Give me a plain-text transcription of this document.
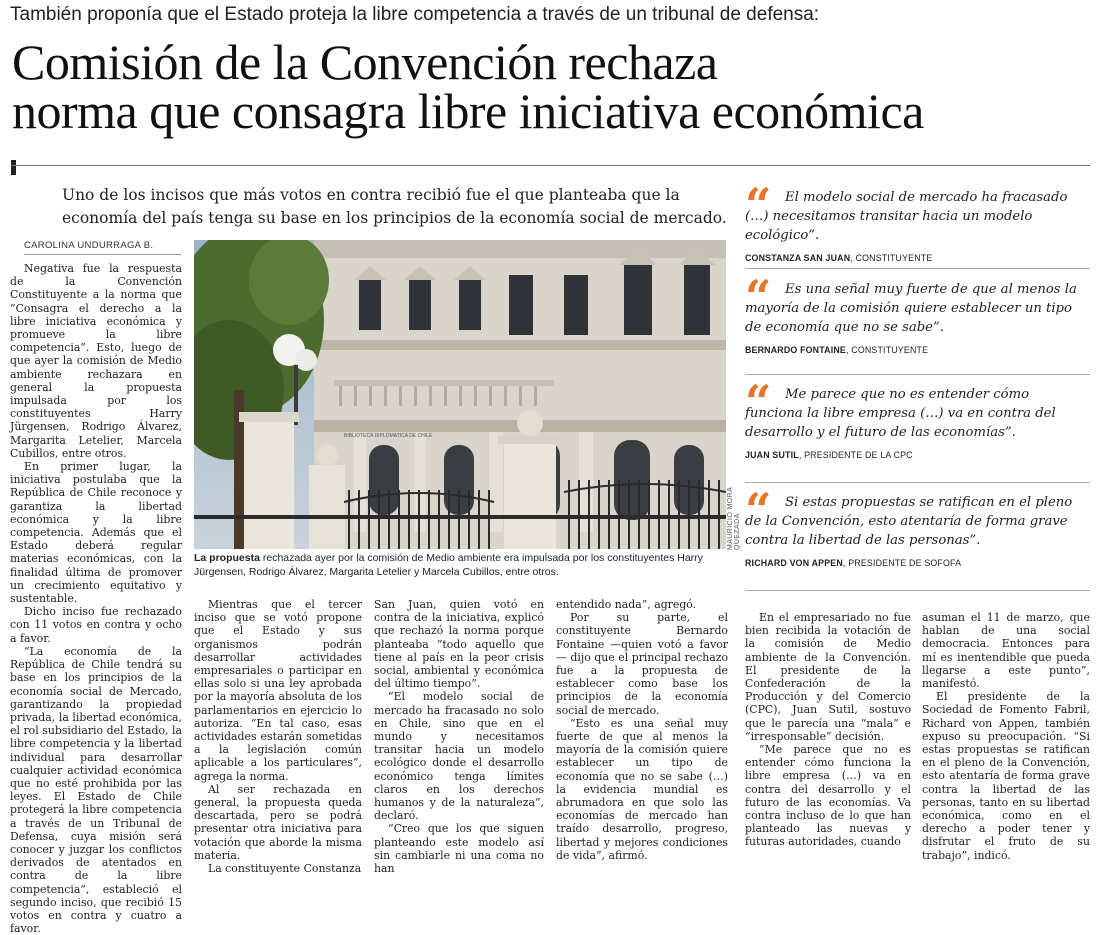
También proponía que el Estado proteja la libre competencia a través de un tribunal de defensa:
Comisión de la Convención rechaza
norma que consagra libre iniciativa económica
Uno de los incisos que más votos en contra recibió fue el que planteaba que la economía del país tenga su base en los principios de la economía social de mercado.
CAROLINA UNDURRAGA B.

Negativa fue la respuesta de la Convención Constituyente a la norma que “Consagra el derecho a la libre iniciativa económica y promueve la libre competencia”. Esto, luego de que ayer la comisión de Medio ambiente rechazara en general la propuesta impulsada por los constituyentes Harry Jürgensen, Rodrigo Álvarez, Margarita Letelier, Marcela Cubillos, entre otros.

En primer lugar, la iniciativa postulaba que la República de Chile reconoce y garantiza la libertad económica y la libre competencia. Además que el Estado deberá regular materias económicas, con la finalidad última de promover un crecimiento equitativo y sustentable.

Dicho inciso fue rechazado con 11 votos en contra y ocho a favor.

“La economía de la República de Chile tendrá su base en los principios de la economía social de Mercado, garantizando la propiedad privada, la libertad económica, el rol subsidiario del Estado, la libre competencia y la libertad individual para desarrollar cualquier actividad económica que no esté prohibida por las leyes. El Estado de Chile protegerá la libre competencia a través de un Tribunal de Defensa, cuya misión será conocer y juzgar los conflictos derivados de atentados en contra de la libre competencia”, estableció el segundo inciso, que recibió 15 votos en contra y cuatro a favor.

BIBLIOTECA DIPLOMATICA DE CHILE
MAURICIO MORA QUEZADA
La propuesta rechazada ayer por la comisión de Medio ambiente era impulsada por los constituyentes Harry Jürgensen, Rodrigo Álvarez, Margarita Letelier y Marcela Cubillos, entre otros.

Mientras que el tercer inciso que se votó propone que el Estado y sus organismos podrán desarrollar actividades empresariales o participar en ellas solo si una ley aprobada por la mayoría absoluta de los parlamentarios en ejercicio lo autoriza. “En tal caso, esas actividades estarán sometidas a la legislación común aplicable a los particulares”, agrega la norma.

Al ser rechazada en general, la propuesta queda descartada, pero se podrá presentar otra iniciativa para votación que aborde la misma materia.

La constituyente Constanza

San Juan, quien votó en contra de la iniciativa, explicó que rechazó la norma porque planteaba “todo aquello que tiene al país en la peor crisis social, ambiental y económica del último tiempo”.

“El modelo social de mercado ha fracasado no solo en Chile, sino que en el mundo y necesitamos transitar hacia un modelo ecológico donde el desarrollo económico tenga límites claros en los derechos humanos y de la naturaleza”, declaró.

“Creo que los que siguen planteando este modelo así sin cambiarle ni una coma no han

entendido nada”, agregó.

Por su parte, el constituyente Bernardo Fontaine —quien votó a favor— dijo que el principal rechazo fue a la propuesta de establecer como base los principios de la economía social de mercado.

“Esto es una señal muy fuerte de que al menos la mayoría de la comisión quiere establecer un tipo de economía que no se sabe (…) la evidencia mundial es abrumadora en que solo las economías de mercado han traído desarrollo, progreso, libertad y mejores condiciones de vida”, afirmó.

En el empresariado no fue bien recibida la votación de la comisión de Medio ambiente de la Convención. El presidente de la Confederación de la Producción y del Comercio (CPC), Juan Sutil, sostuvo que le parecía una “mala” e “irresponsable” decisión.

“Me parece que no es entender cómo funciona la libre empresa (…) va en contra del desarrollo y el futuro de las economías. Va contra incluso de lo que han planteado las nuevas y futuras autoridades, cuando

asuman el 11 de marzo, que hablan de una social democracia. Entonces para mí es inentendible que pueda llegarse a este punto”, manifestó.

El presidente de la Sociedad de Fomento Fabril, Richard von Appen, también expuso su preocupación. “Si estas propuestas se ratifican en el pleno de la Convención, esto atentaría de forma grave contra la libertad de las personas, tanto en su libertad económica, como en el derecho a poder tener y disfrutar el fruto de su trabajo”, indicó.

“	El modelo social de mercado ha fracasado (…) necesitamos transitar hacia un modelo ecológico”.
CONSTANZA SAN JUAN, CONSTITUYENTE
“	Es una señal muy fuerte de que al menos la mayoría de la comisión quiere establecer un tipo de economía que no se sabe”.
BERNARDO FONTAINE, CONSTITUYENTE
“	Me parece que no es entender cómo funciona la libre empresa (…) va en contra del desarrollo y el futuro de las economías”.
JUAN SUTIL, PRESIDENTE DE LA CPC
“	Si estas propuestas se ratifican en el pleno de la Convención, esto atentaría de forma grave contra la libertad de las personas”.
RICHARD VON APPEN, PRESIDENTE DE SOFOFA
